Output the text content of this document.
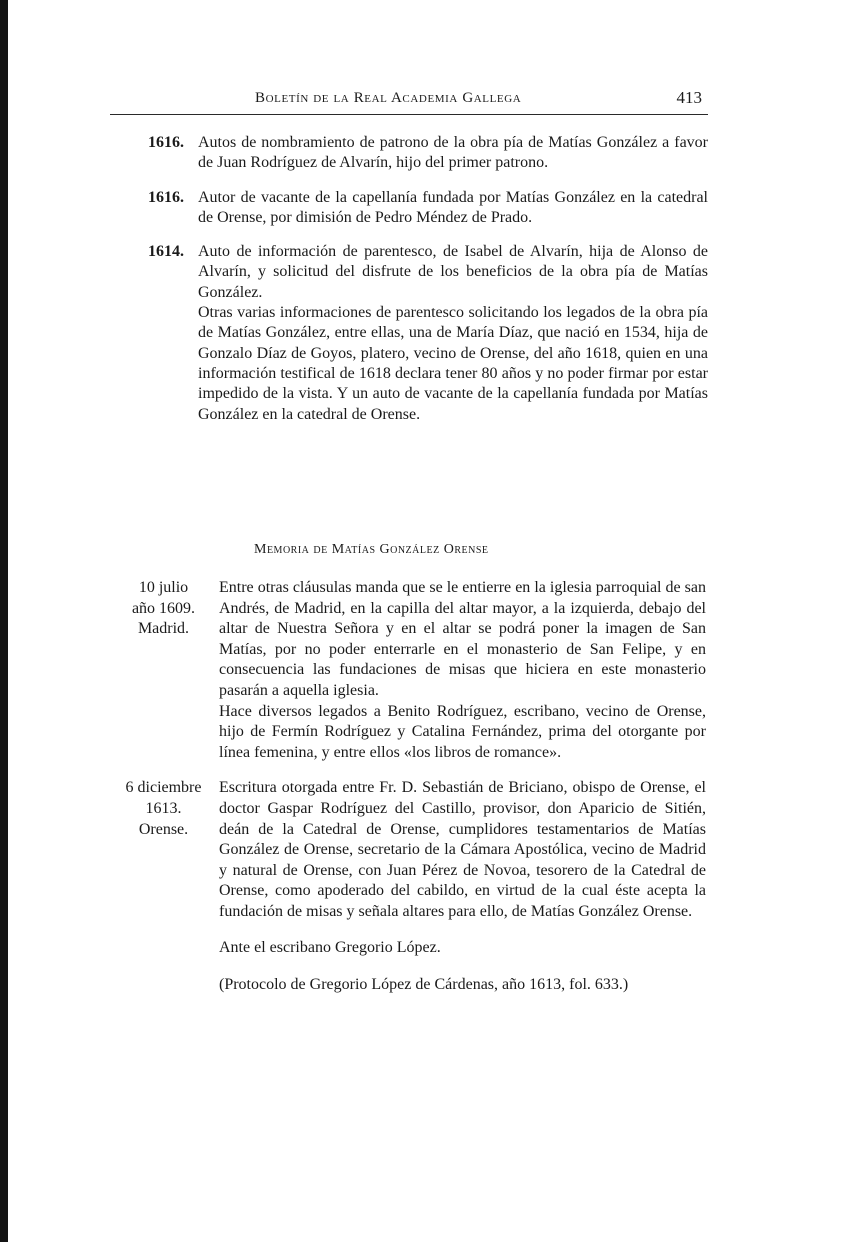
Boletín de la Real Academia Gallega	413
1616. Autos de nombramiento de patrono de la obra pía de Matías González a favor de Juan Rodríguez de Alvarín, hijo del primer patrono.

1616. Autor de vacante de la capellanía fundada por Matías González en la catedral de Orense, por dimisión de Pedro Méndez de Prado.

1614. Auto de información de parentesco, de Isabel de Alvarín, hija de Alonso de Alvarín, y solicitud del disfrute de los beneficios de la obra pía de Matías González.

Otras varias informaciones de parentesco solicitando los legados de la obra pía de Matías González, entre ellas, una de María Díaz, que nació en 1534, hija de Gonzalo Díaz de Goyos, platero, vecino de Orense, del año 1618, quien en una información testifical de 1618 declara tener 80 años y no poder firmar por estar impedido de la vista. Y un auto de vacante de la capellanía fundada por Matías González en la catedral de Orense.

Memoria de Matías González Orense
10 julio
año 1609.
Madrid.

Entre otras cláusulas manda que se le entierre en la iglesia parroquial de san Andrés, de Madrid, en la capilla del altar mayor, a la izquierda, debajo del altar de Nuestra Señora y en el altar se podrá poner la imagen de San Matías, por no poder enterrarle en el monasterio de San Felipe, y en consecuencia las fundaciones de misas que hiciera en este monasterio pasarán a aquella iglesia.

Hace diversos legados a Benito Rodríguez, escribano, vecino de Orense, hijo de Fermín Rodríguez y Catalina Fernández, prima del otorgante por línea femenina, y entre ellos «los libros de romance».

6 diciembre
1613.
Orense.

Escritura otorgada entre Fr. D. Sebastián de Briciano, obispo de Orense, el doctor Gaspar Rodríguez del Castillo, provisor, don Aparicio de Sitién, deán de la Catedral de Orense, cumplidores testamentarios de Matías González de Orense, secretario de la Cámara Apostólica, vecino de Madrid y natural de Orense, con Juan Pérez de Novoa, tesorero de la Catedral de Orense, como apoderado del cabildo, en virtud de la cual éste acepta la fundación de misas y señala altares para ello, de Matías González Orense.

Ante el escribano Gregorio López.

(Protocolo de Gregorio López de Cárdenas, año 1613, fol. 633.)
